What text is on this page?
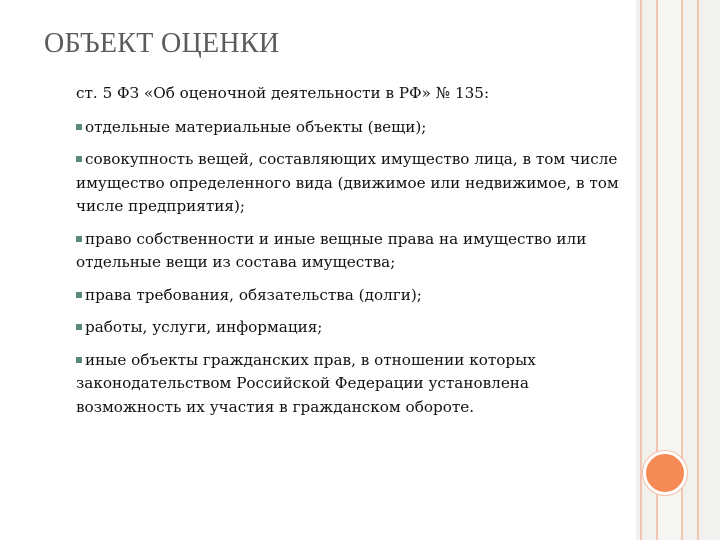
ОБЪЕКТ ОЦЕНКИ

ст. 5 ФЗ «Об оценочной деятельности в РФ» № 135:

отдельные материальные объекты (вещи);

совокупность вещей, составляющих имущество лица, в том числе имущество определенного вида (движимое или недвижимое, в том числе предприятия);

право собственности и иные вещные права на имущество или отдельные вещи из состава имущества;

права требования, обязательства (долги);

работы, услуги, информация;

иные объекты гражданских прав, в отношении которых законодательством Российской Федерации установлена возможность их участия в гражданском обороте.
